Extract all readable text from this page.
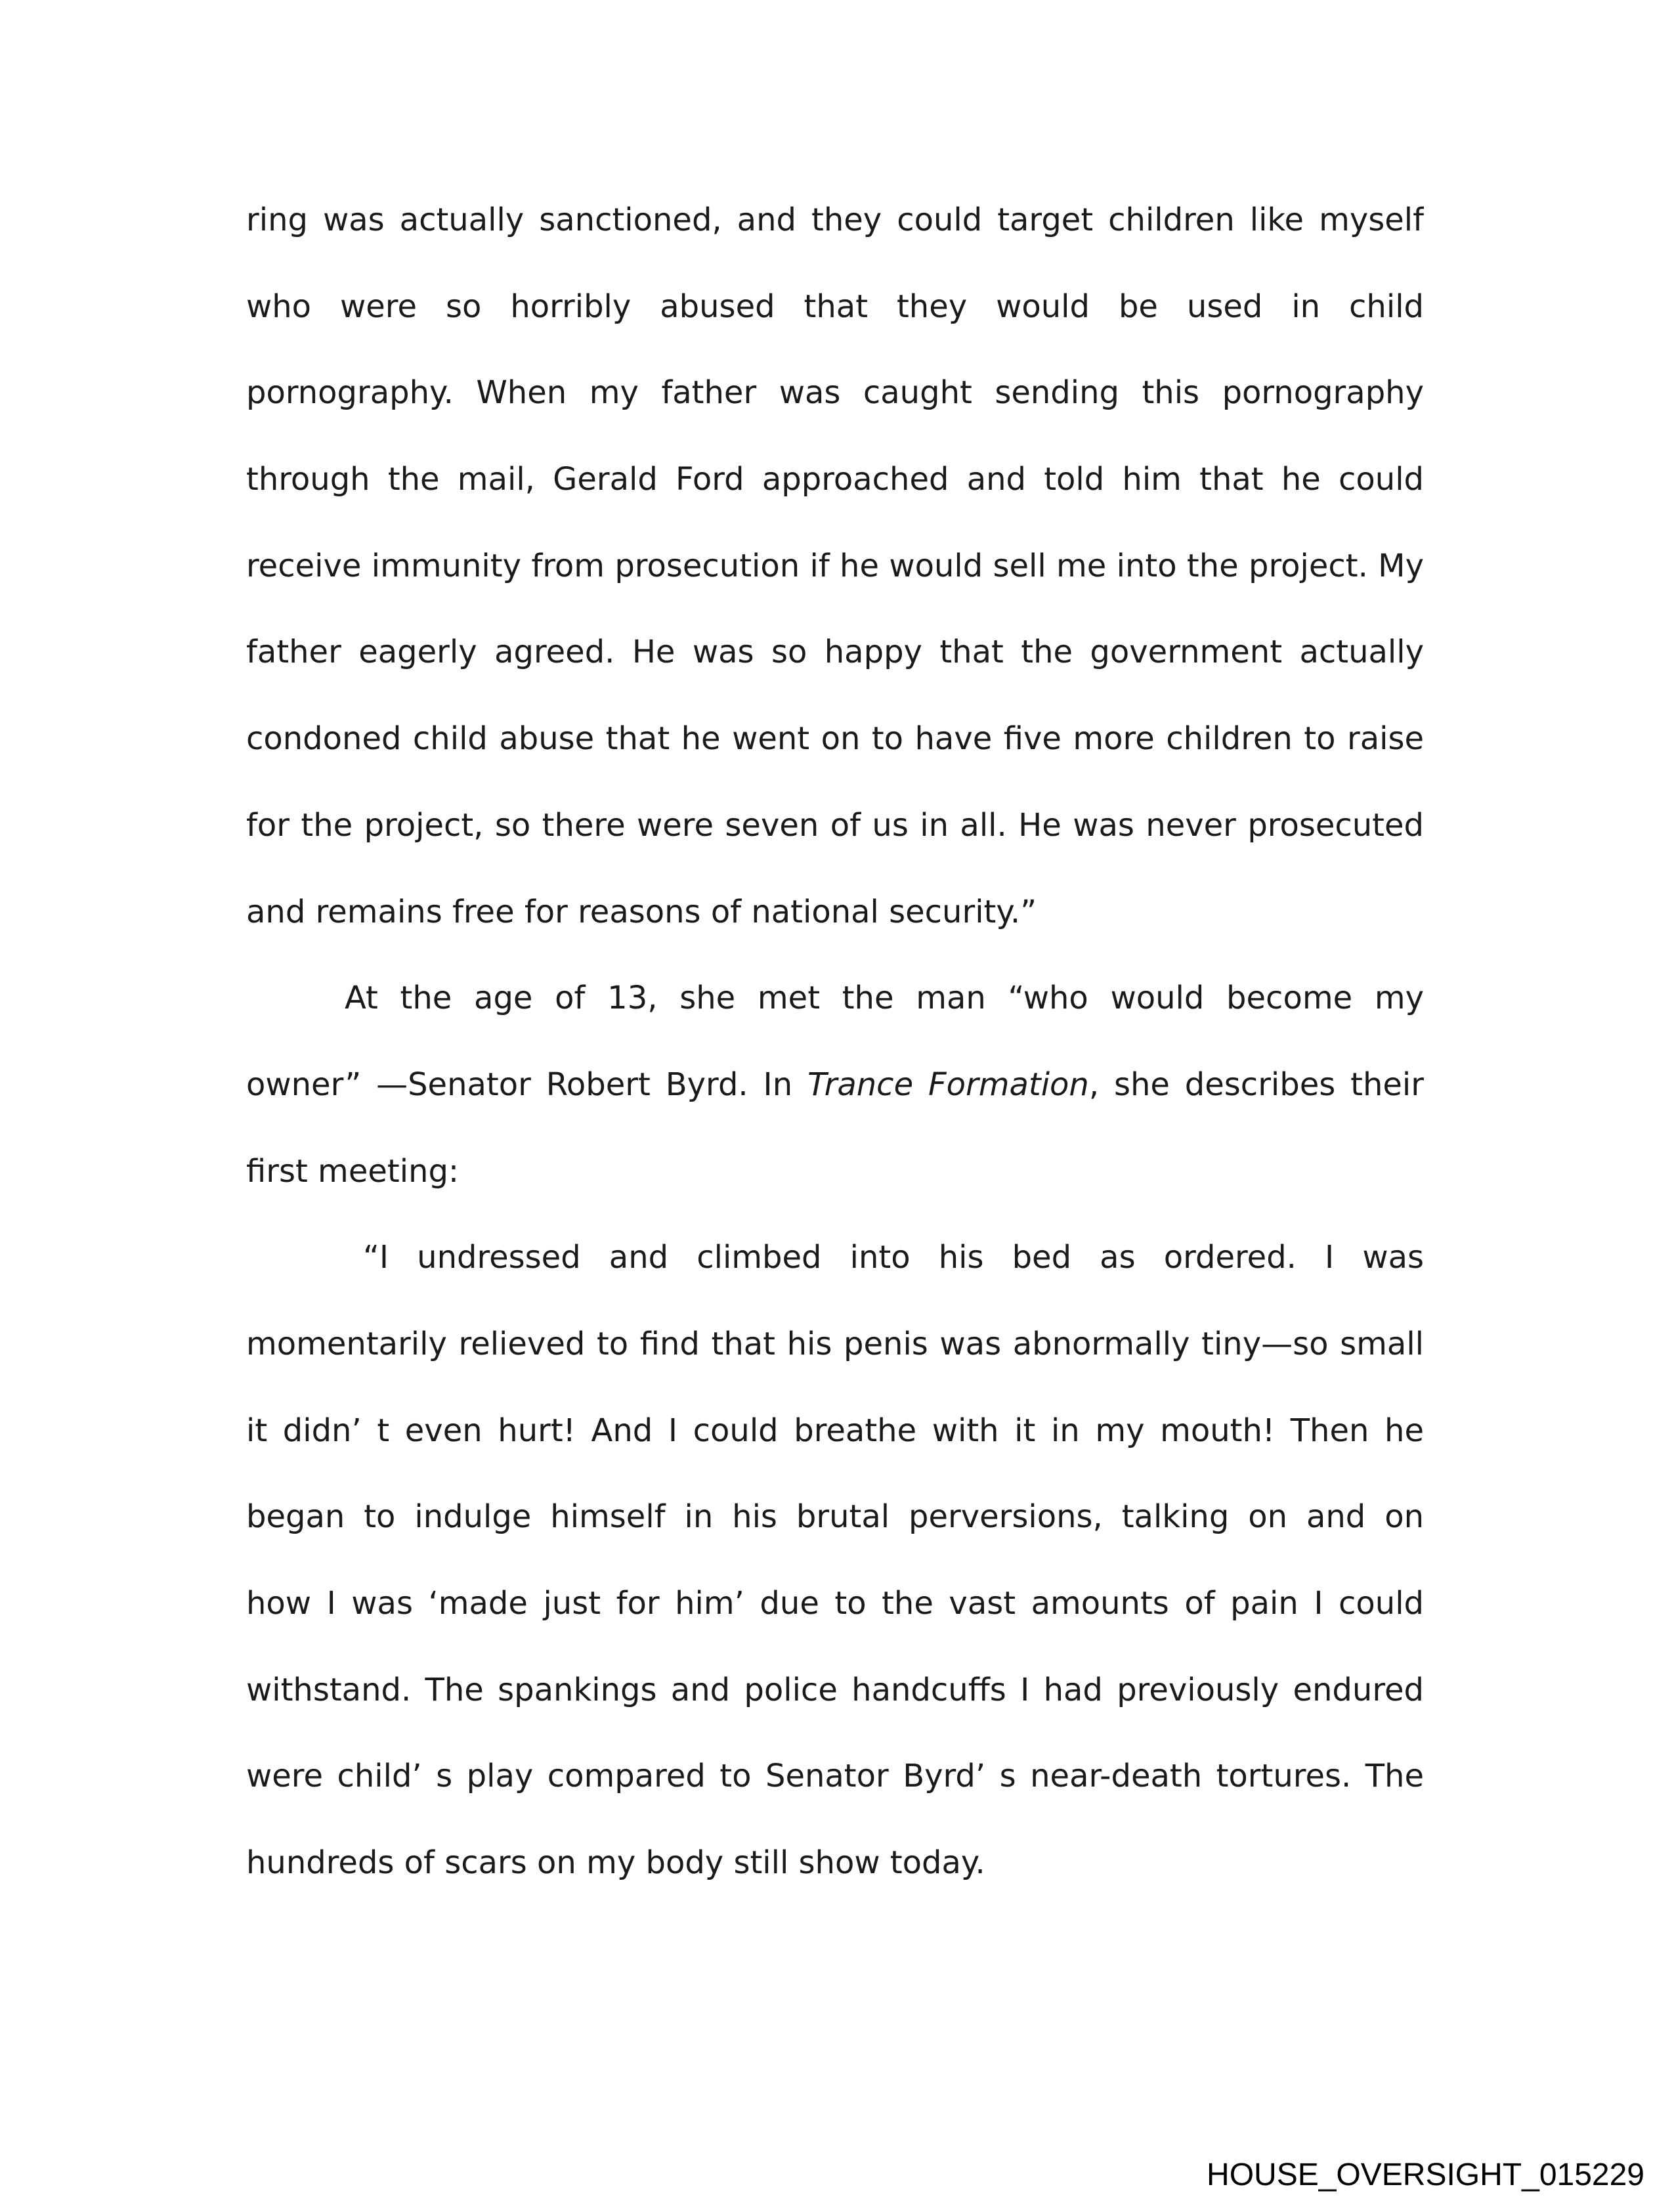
ring was actually sanctioned, and they could target children like myself
who were so horribly abused that they would be used in child
pornography. When my father was caught sending this pornography
through the mail, Gerald Ford approached and told him that he could
receive immunity from prosecution if he would sell me into the project. My
father eagerly agreed. He was so happy that the government actually
condoned child abuse that he went on to have five more children to raise
for the project, so there were seven of us in all. He was never prosecuted
and remains free for reasons of national security.”
At the age of 13, she met the man “who would become my
owner” —Senator Robert Byrd. In Trance Formation, she describes their
first meeting:
“I undressed and climbed into his bed as ordered. I was
momentarily relieved to find that his penis was abnormally tiny—so small
it didn’ t even hurt! And I could breathe with it in my mouth! Then he
began to indulge himself in his brutal perversions, talking on and on
how I was ‘made just for him’ due to the vast amounts of pain I could
withstand. The spankings and police handcuffs I had previously endured
were child’ s play compared to Senator Byrd’ s near-death tortures. The
hundreds of scars on my body still show today.
HOUSE_OVERSIGHT_015229
